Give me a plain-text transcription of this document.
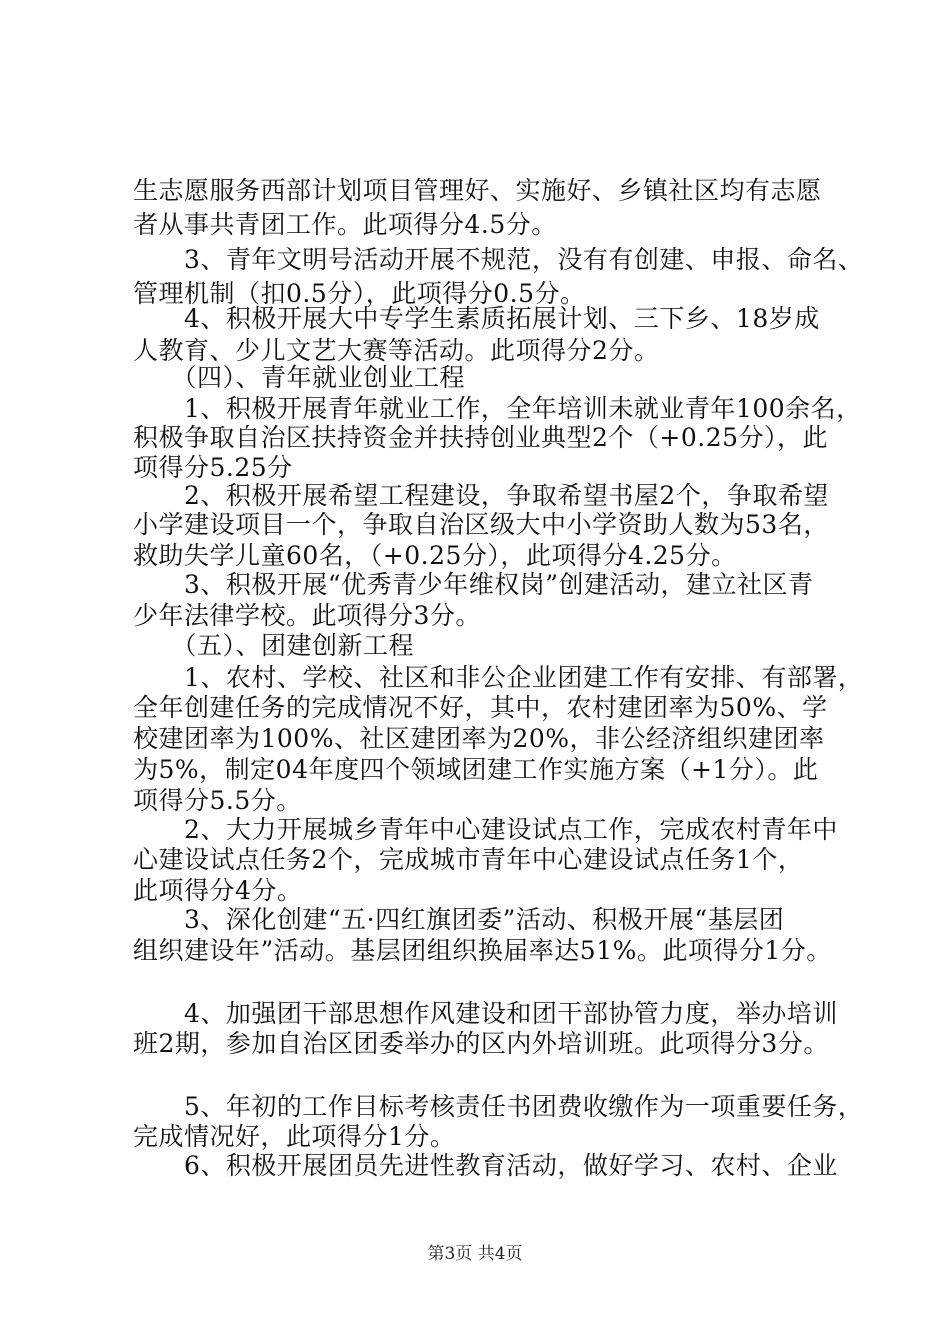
生志愿服务西部计划项目管理好、实施好、乡镇社区均有志愿
者从事共青团工作。此项得分4.5分。
　　3、青年文明号活动开展不规范，没有有创建、申报、命名、
管理机制（扣0.5分），此项得分0.5分。
　　4、积极开展大中专学生素质拓展计划、三下乡、18岁成
人教育、少儿文艺大赛等活动。此项得分2分。
　　（四）、青年就业创业工程
　　1、积极开展青年就业工作，全年培训未就业青年100余名，
积极争取自治区扶持资金并扶持创业典型2个（+0.25分），此
项得分5.25分
　　2、积极开展希望工程建设，争取希望书屋2个，争取希望
小学建设项目一个，争取自治区级大中小学资助人数为53名，
救助失学儿童60名，（+0.25分），此项得分4.25分。
　　3、积极开展“优秀青少年维权岗”创建活动，建立社区青
少年法律学校。此项得分3分。
　　（五）、团建创新工程
　　1、农村、学校、社区和非公企业团建工作有安排、有部署，
全年创建任务的完成情况不好，其中，农村建团率为50%、学
校建团率为100%、社区建团率为20%，非公经济组织建团率
为5%，制定04年度四个领域团建工作实施方案（+1分）。此
项得分5.5分。
　　2、大力开展城乡青年中心建设试点工作，完成农村青年中
心建设试点任务2个，完成城市青年中心建设试点任务1个，
此项得分4分。
　　3、深化创建“五·四红旗团委”活动、积极开展“基层团
组织建设年”活动。基层团组织换届率达51%。此项得分1分。
　　4、加强团干部思想作风建设和团干部协管力度，举办培训
班2期，参加自治区团委举办的区内外培训班。此项得分3分。
　　5、年初的工作目标考核责任书团费收缴作为一项重要任务，
完成情况好，此项得分1分。
　　6、积极开展团员先进性教育活动，做好学习、农村、企业
第3页 共4页
